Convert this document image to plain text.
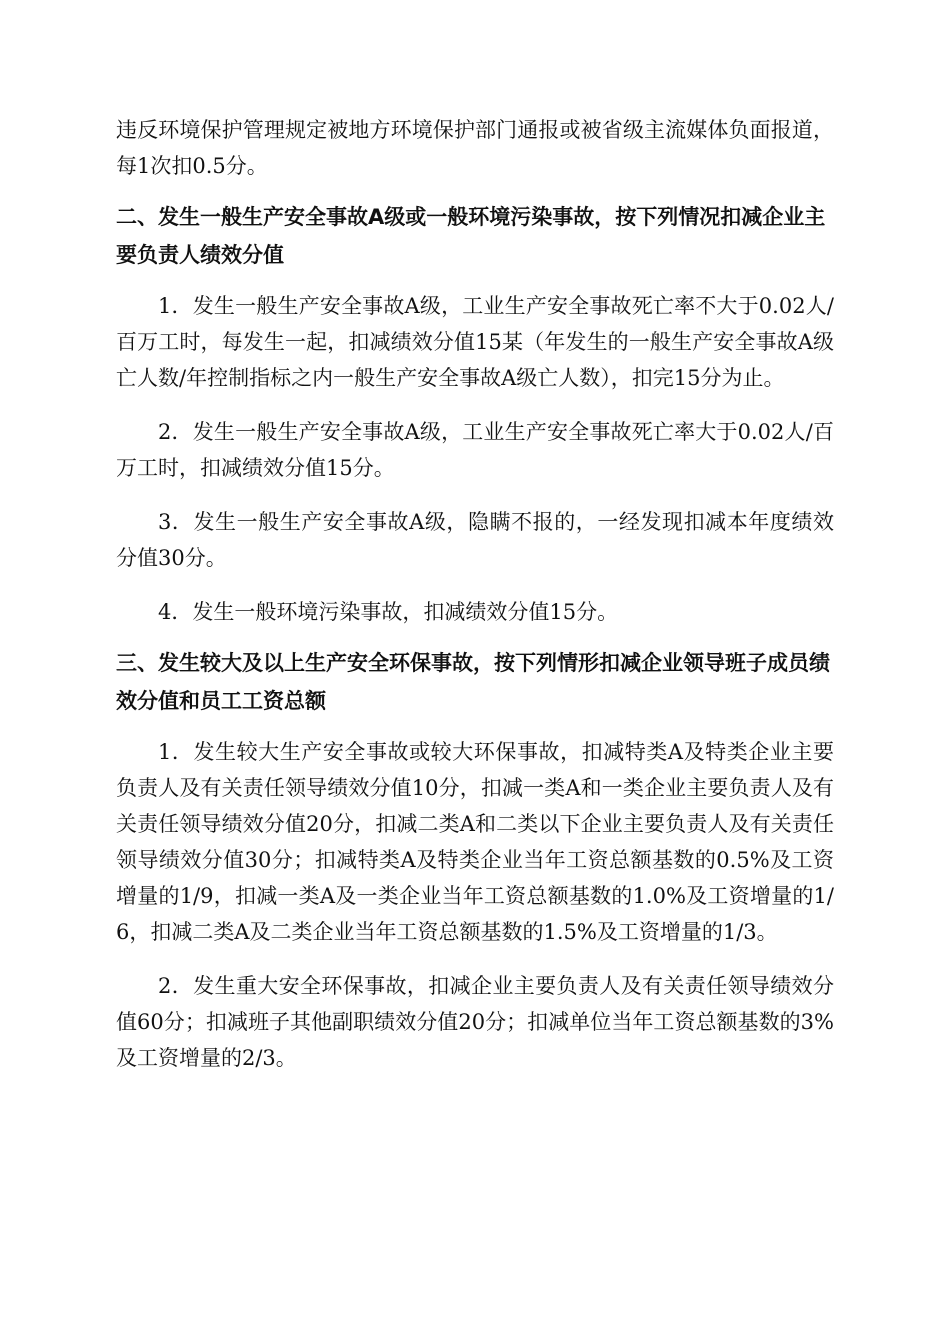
违反环境保护管理规定被地方环境保护部门通报或被省级主流媒体负面报道，每1次扣0.5分。

二、发生一般生产安全事故A级或一般环境污染事故，按下列情况扣减企业主要负责人绩效分值

1．发生一般生产安全事故A级，工业生产安全事故死亡率不大于0.02人/百万工时，每发生一起，扣减绩效分值15某（年发生的一般生产安全事故A级亡人数/年控制指标之内一般生产安全事故A级亡人数），扣完15分为止。

2．发生一般生产安全事故A级，工业生产安全事故死亡率大于0.02人/百万工时，扣减绩效分值15分。

3．发生一般生产安全事故A级，隐瞒不报的，一经发现扣减本年度绩效分值30分。

4．发生一般环境污染事故，扣减绩效分值15分。

三、发生较大及以上生产安全环保事故，按下列情形扣减企业领导班子成员绩效分值和员工工资总额

1．发生较大生产安全事故或较大环保事故，扣减特类A及特类企业主要负责人及有关责任领导绩效分值10分，扣减一类A和一类企业主要负责人及有关责任领导绩效分值20分，扣减二类A和二类以下企业主要负责人及有关责任领导绩效分值30分；扣减特类A及特类企业当年工资总额基数的0.5%及工资增量的1/9，扣减一类A及一类企业当年工资总额基数的1.0%及工资增量的1/6，扣减二类A及二类企业当年工资总额基数的1.5%及工资增量的1/3。

2．发生重大安全环保事故，扣减企业主要负责人及有关责任领导绩效分值60分；扣减班子其他副职绩效分值20分；扣减单位当年工资总额基数的3%及工资增量的2/3。
